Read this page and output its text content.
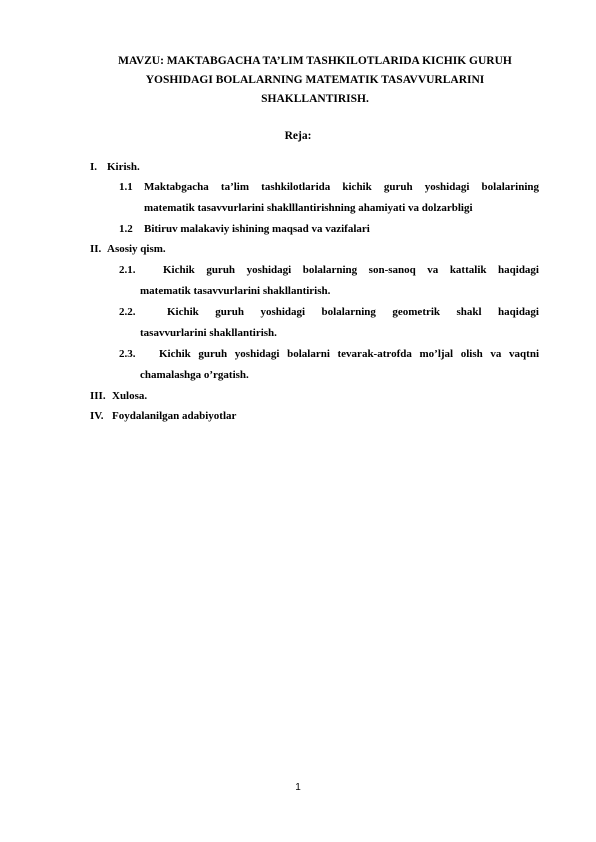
MAVZU: MAKTABGACHA TA’LIM TASHKILOTLARIDA KICHIK GURUH
YOSHIDAGI BOLALARNING MATEMATIK TASAVVURLARINI
SHAKLLANTIRISH.
Reja:
I. Kirish.
1.1 Maktabgacha ta’lim tashkilotlarida kichik guruh yoshidagi bolalarining
matematik tasavvurlarini shaklllantirishning ahamiyati va dolzarbligi
1.2 Bitiruv malakaviy ishining maqsad va vazifalari
II. Asosiy qism.
2.1.	Kichik guruh yoshidagi bolalarning son-sanoq va kattalik haqidagi
matematik tasavvurlarini shakllantirish.
2.2.	Kichik guruh yoshidagi bolalarning geometrik shakl haqidagi
tasavvurlarini shakllantirish.
2.3. Kichik guruh yoshidagi bolalarni tevarak-atrofda mo’ljal olish va vaqtni
chamalashga o’rgatish.
III. Xulosa.
IV. Foydalanilgan adabiyotlar
1
